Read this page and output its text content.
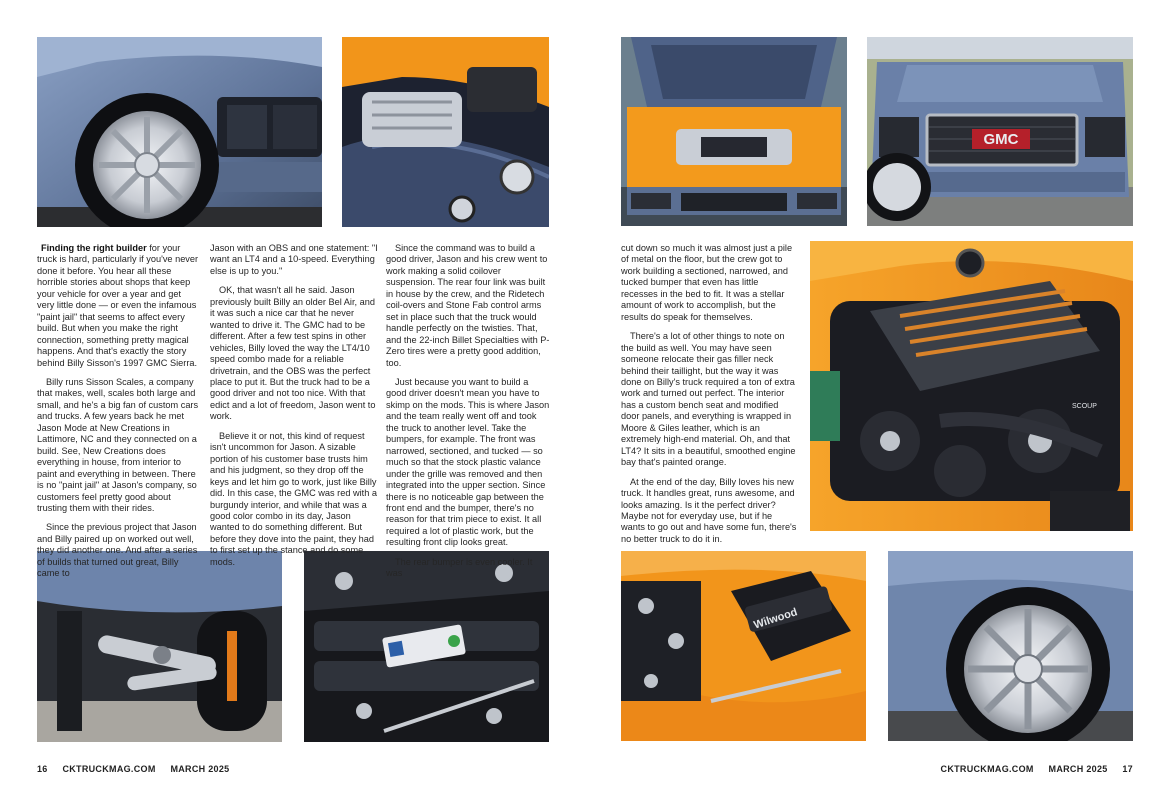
Finding the right builder for your truck is hard, particularly if you've never done it before. You hear all these horrible stories about shops that keep your vehicle for over a year and get very little done — or even the infamous "paint jail" that seems to affect every build. But when you make the right connection, something pretty magical happens. And that's exactly the story behind Billy Sisson's 1997 GMC Sierra.

Billy runs Sisson Scales, a company that makes, well, scales both large and small, and he's a big fan of custom cars and trucks. A few years back he met Jason Mode at New Creations in Lattimore, NC and they connected on a build. See, New Creations does everything in house, from interior to paint and everything in between. There is no "paint jail" at Jason's company, so customers feel pretty good about trusting them with their rides.

Since the previous project that Jason and Billy paired up on worked out well, they did another one. And after a series of builds that turned out great, Billy came to

Jason with an OBS and one statement: "I want an LT4 and a 10-speed. Everything else is up to you."

OK, that wasn't all he said. Jason previously built Billy an older Bel Air, and it was such a nice car that he never wanted to drive it. The GMC had to be different. After a few test spins in other vehicles, Billy loved the way the LT4/10 speed combo made for a reliable drivetrain, and the OBS was the perfect place to put it. But the truck had to be a good driver and not too nice. With that edict and a lot of freedom, Jason went to work.

Believe it or not, this kind of request isn't uncommon for Jason. A sizable portion of his customer base trusts him and his judgment, so they drop off the keys and let him go to work, just like Billy did. In this case, the GMC was red with a burgundy interior, and while that was a good color combo in its day, Jason wanted to do something different. But before they dove into the paint, they had to first set up the stance and do some mods.

Since the command was to build a good driver, Jason and his crew went to work making a solid coilover suspension. The rear four link was built in house by the crew, and the Ridetech coil-overs and Stone Fab control arms set in place such that the truck would handle perfectly on the twisties. That, and the 22-inch Billet Specialties with P-Zero tires were a pretty good addition, too.

Just because you want to build a good driver doesn't mean you have to skimp on the mods. This is where Jason and the team really went off and took the truck to another level. Take the bumpers, for example. The front was narrowed, sectioned, and tucked — so much so that the stock plastic valance under the grille was removed and then integrated into the upper section. Since there is no noticeable gap between the front end and the bumper, there's no reason for that trim piece to exist. It all required a lot of plastic work, but the resulting front clip looks great.

The rear bumper is even cooler. It was

16 CKTRUCKMAG.COM MARCH 2025
GMC
SCOUP
Wilwood

cut down so much it was almost just a pile of metal on the floor, but the crew got to work building a sectioned, narrowed, and tucked bumper that even has little recesses in the bed to fit. It was a stellar amount of work to accomplish, but the results do speak for themselves.

There's a lot of other things to note on the build as well. You may have seen someone relocate their gas filler neck behind their taillight, but the way it was done on Billy's truck required a ton of extra work and turned out perfect. The interior has a custom bench seat and modified door panels, and everything is wrapped in Moore & Giles leather, which is an extremely high-end material. Oh, and that LT4? It sits in a beautiful, smoothed engine bay that's painted orange.

At the end of the day, Billy loves his new truck. It handles great, runs awesome, and looks amazing. Is it the perfect driver? Maybe not for everyday use, but if he wants to go out and have some fun, there's no better truck to do it in.

CKTRUCKMAG.COM MARCH 2025 17
